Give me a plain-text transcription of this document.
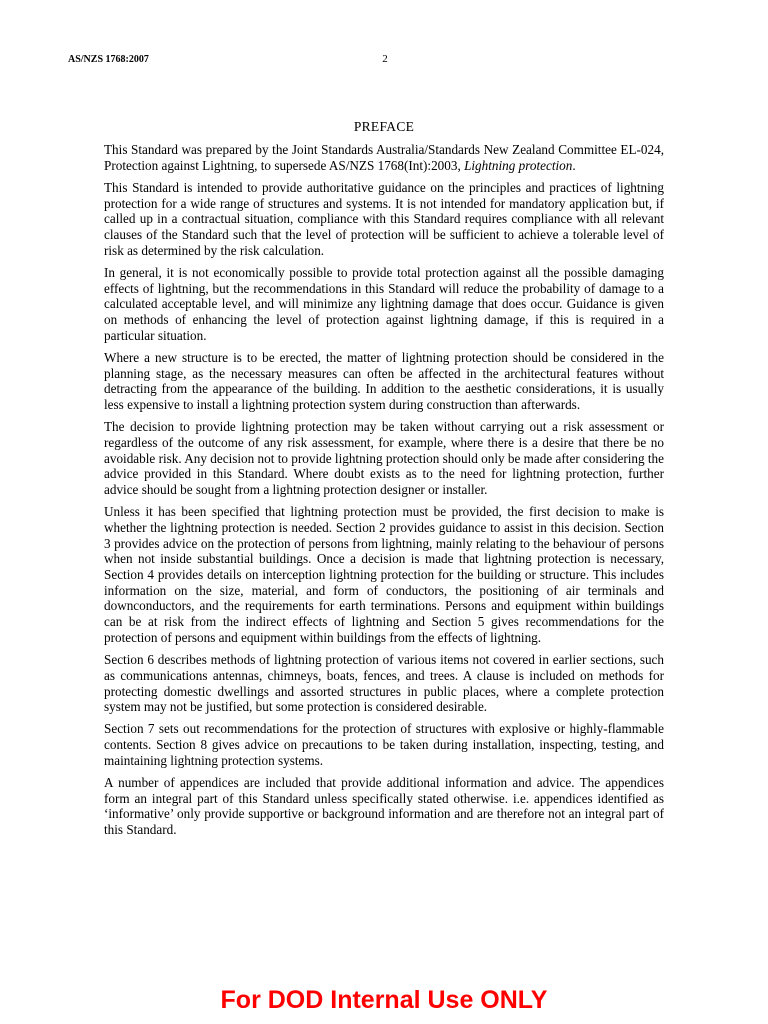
AS/NZS 1768:2007	2
PREFACE

This Standard was prepared by the Joint Standards Australia/Standards New Zealand Committee EL-024, Protection against Lightning, to supersede AS/NZS 1768(Int):2003, Lightning protection.

This Standard is intended to provide authoritative guidance on the principles and practices of lightning protection for a wide range of structures and systems. It is not intended for mandatory application but, if called up in a contractual situation, compliance with this Standard requires compliance with all relevant clauses of the Standard such that the level of protection will be sufficient to achieve a tolerable level of risk as determined by the risk calculation.

In general, it is not economically possible to provide total protection against all the possible damaging effects of lightning, but the recommendations in this Standard will reduce the probability of damage to a calculated acceptable level, and will minimize any lightning damage that does occur. Guidance is given on methods of enhancing the level of protection against lightning damage, if this is required in a particular situation.

Where a new structure is to be erected, the matter of lightning protection should be considered in the planning stage, as the necessary measures can often be affected in the architectural features without detracting from the appearance of the building. In addition to the aesthetic considerations, it is usually less expensive to install a lightning protection system during construction than afterwards.

The decision to provide lightning protection may be taken without carrying out a risk assessment or regardless of the outcome of any risk assessment, for example, where there is a desire that there be no avoidable risk. Any decision not to provide lightning protection should only be made after considering the advice provided in this Standard. Where doubt exists as to the need for lightning protection, further advice should be sought from a lightning protection designer or installer.

Unless it has been specified that lightning protection must be provided, the first decision to make is whether the lightning protection is needed. Section 2 provides guidance to assist in this decision. Section 3 provides advice on the protection of persons from lightning, mainly relating to the behaviour of persons when not inside substantial buildings. Once a decision is made that lightning protection is necessary, Section 4 provides details on interception lightning protection for the building or structure. This includes information on the size, material, and form of conductors, the positioning of air terminals and downconductors, and the requirements for earth terminations. Persons and equipment within buildings can be at risk from the indirect effects of lightning and Section 5 gives recommendations for the protection of persons and equipment within buildings from the effects of lightning.

Section 6 describes methods of lightning protection of various items not covered in earlier sections, such as communications antennas, chimneys, boats, fences, and trees. A clause is included on methods for protecting domestic dwellings and assorted structures in public places, where a complete protection system may not be justified, but some protection is considered desirable.

Section 7 sets out recommendations for the protection of structures with explosive or highly-flammable contents. Section 8 gives advice on precautions to be taken during installation, inspecting, testing, and maintaining lightning protection systems.

A number of appendices are included that provide additional information and advice. The appendices form an integral part of this Standard unless specifically stated otherwise. i.e. appendices identified as ‘informative’ only provide supportive or background information and are therefore not an integral part of this Standard.

For DOD Internal Use ONLY
